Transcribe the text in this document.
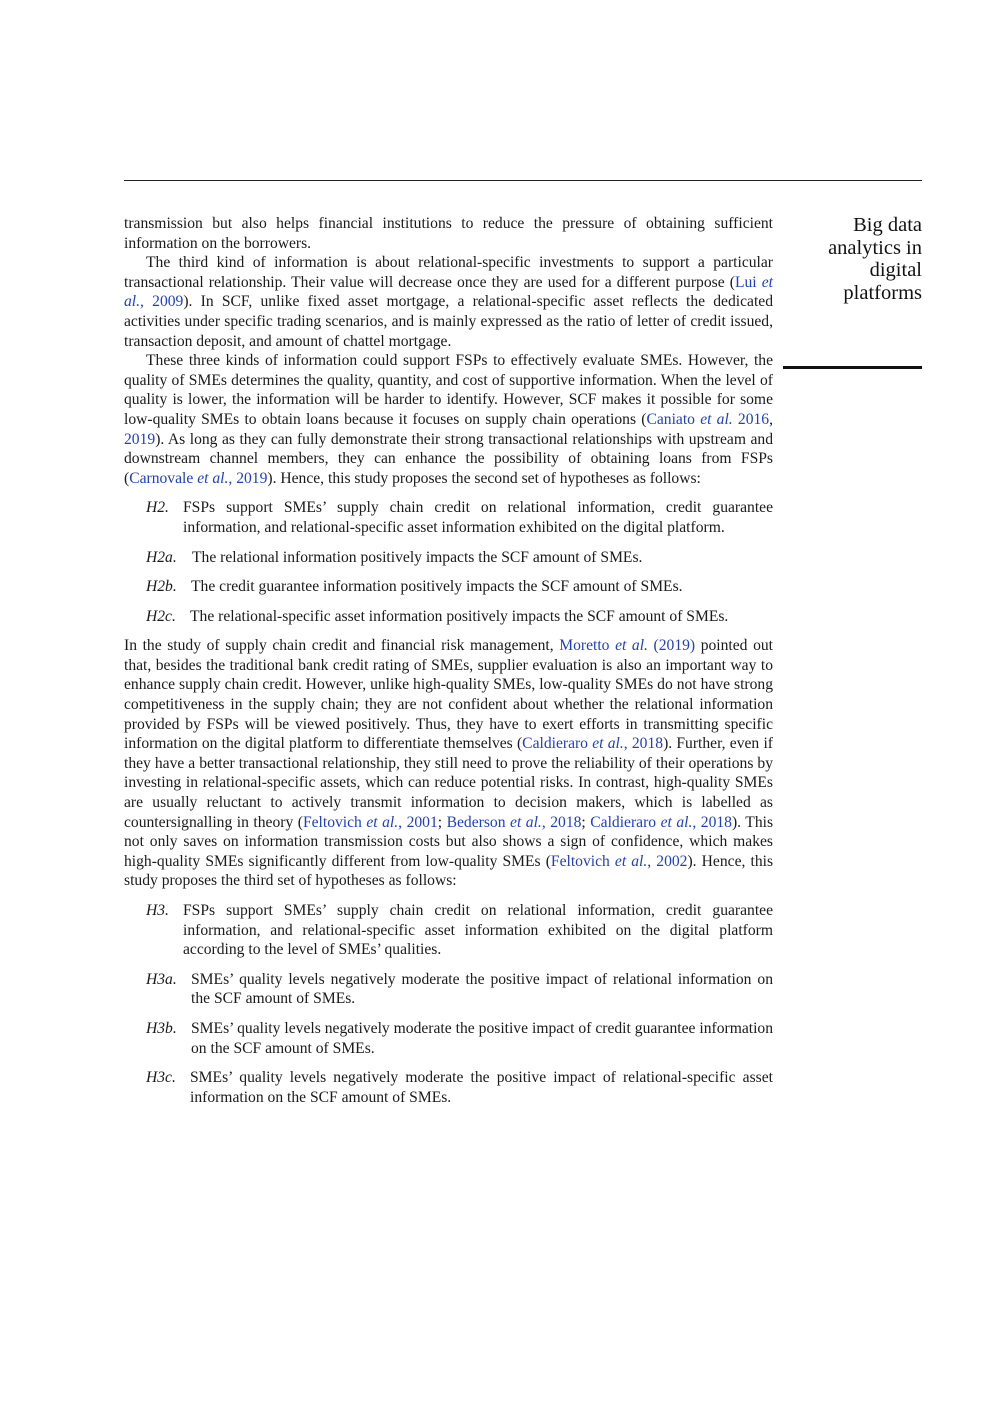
Big data
analytics in
digital
platforms

transmission but also helps financial institutions to reduce the pressure of obtaining sufficient information on the borrowers.

The third kind of information is about relational-specific investments to support a particular transactional relationship. Their value will decrease once they are used for a different purpose (Lui et al., 2009). In SCF, unlike fixed asset mortgage, a relational-specific asset reflects the dedicated activities under specific trading scenarios, and is mainly expressed as the ratio of letter of credit issued, transaction deposit, and amount of chattel mortgage.

These three kinds of information could support FSPs to effectively evaluate SMEs. However, the quality of SMEs determines the quality, quantity, and cost of supportive information. When the level of quality is lower, the information will be harder to identify. However, SCF makes it possible for some low-quality SMEs to obtain loans because it focuses on supply chain operations (Caniato et al. 2016, 2019). As long as they can fully demonstrate their strong transactional relationships with upstream and downstream channel members, they can enhance the possibility of obtaining loans from FSPs (Carnovale et al., 2019). Hence, this study proposes the second set of hypotheses as follows:

H2. FSPs support SMEs’ supply chain credit on relational information, credit guarantee information, and relational-specific asset information exhibited on the digital platform.
H2a. The relational information positively impacts the SCF amount of SMEs.
H2b. The credit guarantee information positively impacts the SCF amount of SMEs.
H2c. The relational-specific asset information positively impacts the SCF amount of SMEs.

In the study of supply chain credit and financial risk management, Moretto et al. (2019) pointed out that, besides the traditional bank credit rating of SMEs, supplier evaluation is also an important way to enhance supply chain credit. However, unlike high-quality SMEs, low-quality SMEs do not have strong competitiveness in the supply chain; they are not confident about whether the relational information provided by FSPs will be viewed positively. Thus, they have to exert efforts in transmitting specific information on the digital platform to differentiate themselves (Caldieraro et al., 2018). Further, even if they have a better transactional relationship, they still need to prove the reliability of their operations by investing in relational-specific assets, which can reduce potential risks. In contrast, high-quality SMEs are usually reluctant to actively transmit information to decision makers, which is labelled as countersignalling in theory (Feltovich et al., 2001; Bederson et al., 2018; Caldieraro et al., 2018). This not only saves on information transmission costs but also shows a sign of confidence, which makes high-quality SMEs significantly different from low-quality SMEs (Feltovich et al., 2002). Hence, this study proposes the third set of hypotheses as follows:

H3. FSPs support SMEs’ supply chain credit on relational information, credit guarantee information, and relational-specific asset information exhibited on the digital platform according to the level of SMEs’ qualities.
H3a. SMEs’ quality levels negatively moderate the positive impact of relational information on the SCF amount of SMEs.
H3b. SMEs’ quality levels negatively moderate the positive impact of credit guarantee information on the SCF amount of SMEs.
H3c. SMEs’ quality levels negatively moderate the positive impact of relational-specific asset information on the SCF amount of SMEs.
